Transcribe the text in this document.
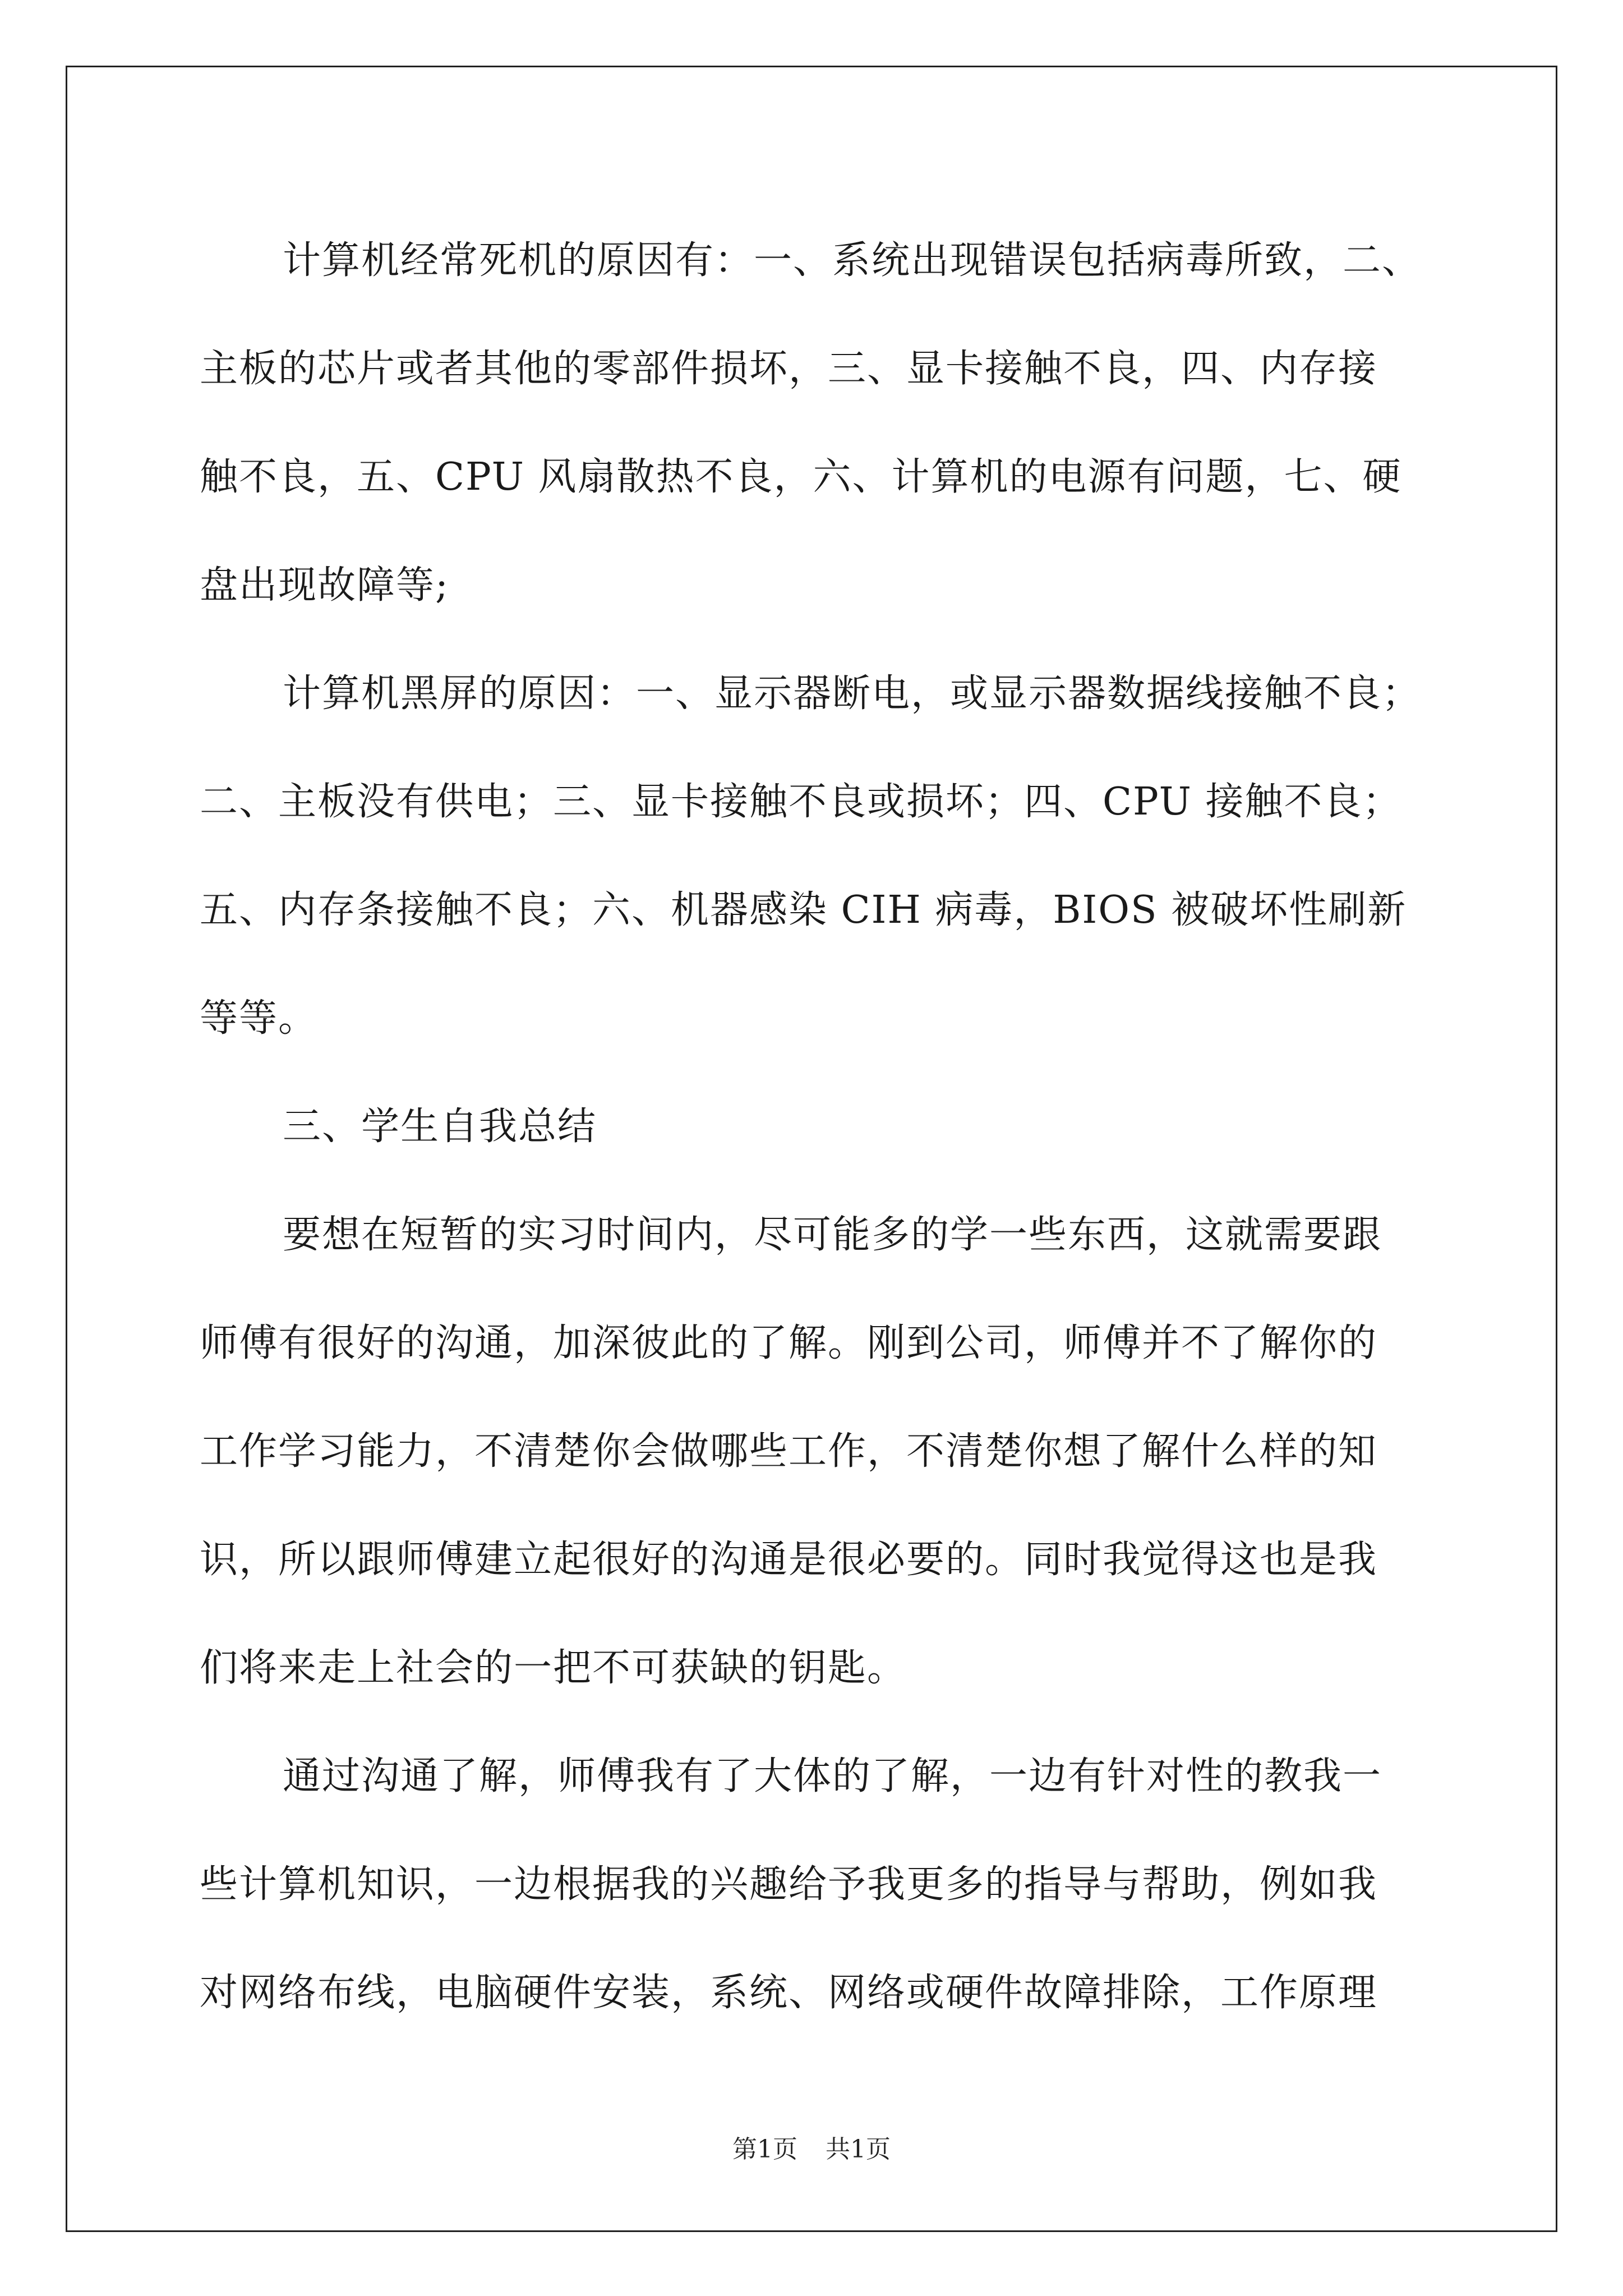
计算机经常死机的原因有：一、系统出现错误包括病毒所致，二、
主板的芯片或者其他的零部件损坏，三、显卡接触不良，四、内存接
触不良，五、CPU 风扇散热不良，六、计算机的电源有问题，七、硬
盘出现故障等;

计算机黑屏的原因：一、显示器断电，或显示器数据线接触不良；
二、主板没有供电；三、显卡接触不良或损坏；四、CPU 接触不良；
五、内存条接触不良；六、机器感染 CIH 病毒，BIOS 被破坏性刷新
等等。

三、学生自我总结

要想在短暂的实习时间内，尽可能多的学一些东西，这就需要跟
师傅有很好的沟通，加深彼此的了解。刚到公司，师傅并不了解你的
工作学习能力，不清楚你会做哪些工作，不清楚你想了解什么样的知
识，所以跟师傅建立起很好的沟通是很必要的。同时我觉得这也是我
们将来走上社会的一把不可获缺的钥匙。

通过沟通了解，师傅我有了大体的了解，一边有针对性的教我一
些计算机知识，一边根据我的兴趣给予我更多的指导与帮助，例如我
对网络布线，电脑硬件安装，系统、网络或硬件故障排除，工作原理

第1页 共1页
